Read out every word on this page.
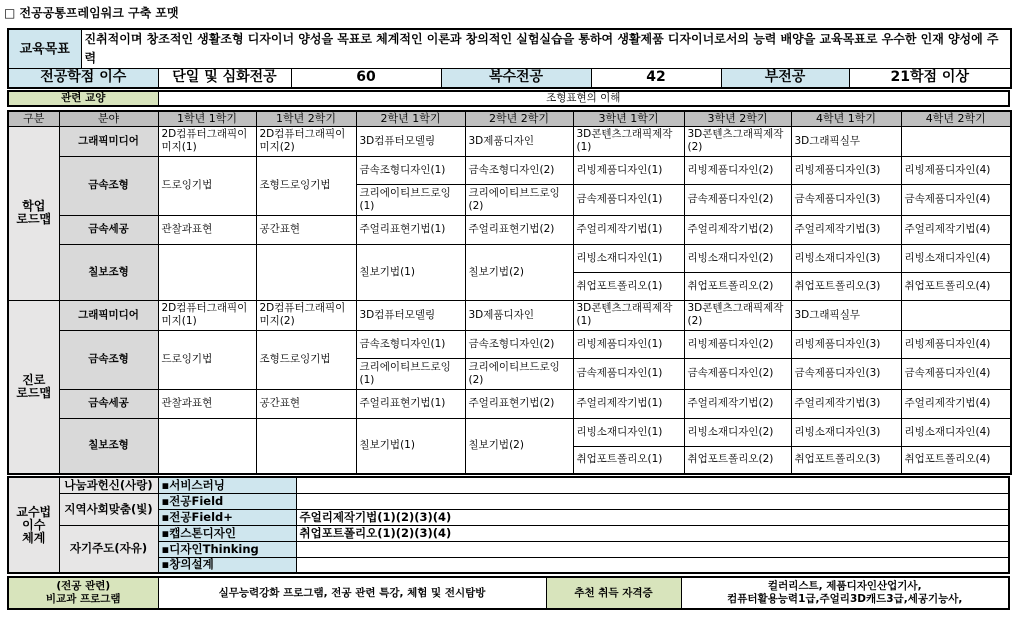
□ 전공공통프레임워크 구축 포맷
교육목표	진취적이며 창조적인 생활조형 디자이너 양성을 목표로 체계적인 이론과 창의적인 실험실습을 통하여 생활제품 디자이너로서의 능력 배양을 교육목표로 우수한 인재 양성에 주력						
전공학점 이수		단일 및 심화전공	60	복수전공	42	부전공	21학점 이상
관련 교양	조형표현의 이해
구분	분야	1학년 1학기	1학년 2학기	2학년 1학기	2학년 2학기	3학년 1학기	3학년 2학기	4학년 1학기	4학년 2학기
학업
로드맵	그래픽미디어	2D컴퓨터그래픽이미지(1)	2D컴퓨터그래픽이미지(2)	3D컴퓨터모델링	3D제품디자인	3D콘텐츠그래픽제작(1)	3D콘텐츠그래픽제작(2)	3D그래픽실무	
	금속조형	드로잉기법	조형드로잉기법	금속조형디자인(1)	금속조형디자인(2)	리빙제품디자인(1)	리빙제품디자인(2)	리빙제품디자인(3)	리빙제품디자인(4)
				크리에이티브드로잉(1)	크리에이티브드로잉(2)	금속제품디자인(1)	금속제품디자인(2)	금속제품디자인(3)	금속제품디자인(4)
	금속세공	관찰과표현	공간표현	주얼리표현기법(1)	주얼리표현기법(2)	주얼리제작기법(1)	주얼리제작기법(2)	주얼리제작기법(3)	주얼리제작기법(4)
	칠보조형			칠보기법(1)	칠보기법(2)	리빙소재디자인(1)	리빙소재디자인(2)	리빙소재디자인(3)	리빙소재디자인(4)
						취업포트폴리오(1)	취업포트폴리오(2)	취업포트폴리오(3)	취업포트폴리오(4)
진로
로드맵	그래픽미디어	2D컴퓨터그래픽이미지(1)	2D컴퓨터그래픽이미지(2)	3D컴퓨터모델링	3D제품디자인	3D콘텐츠그래픽제작(1)	3D콘텐츠그래픽제작(2)	3D그래픽실무	
	금속조형	드로잉기법	조형드로잉기법	금속조형디자인(1)	금속조형디자인(2)	리빙제품디자인(1)	리빙제품디자인(2)	리빙제품디자인(3)	리빙제품디자인(4)
				크리에이티브드로잉(1)	크리에이티브드로잉(2)	금속제품디자인(1)	금속제품디자인(2)	금속제품디자인(3)	금속제품디자인(4)
	금속세공	관찰과표현	공간표현	주얼리표현기법(1)	주얼리표현기법(2)	주얼리제작기법(1)	주얼리제작기법(2)	주얼리제작기법(3)	주얼리제작기법(4)
	칠보조형			칠보기법(1)	칠보기법(2)	리빙소재디자인(1)	리빙소재디자인(2)	리빙소재디자인(3)	리빙소재디자인(4)
						취업포트폴리오(1)	취업포트폴리오(2)	취업포트폴리오(3)	취업포트폴리오(4)
교수법
이수
체계	나눔과헌신(사랑)	▪서비스러닝	
	지역사회맞춤(빛)	▪전공Field	
		▪전공Field+	주얼리제작기법(1)(2)(3)(4)
	자기주도(자유)	▪캡스톤디자인	취업포트폴리오(1)(2)(3)(4)
		▪디자인Thinking	
		▪창의설계	
(전공 관련)
비교과 프로그램	실무능력강화 프로그램, 전공 관련 특강, 체험 및 전시탐방	추천 취득 자격증	컬러리스트, 제품디자인산업기사,
컴퓨터활용능력1급,주얼리3D캐드3급,세공기능사,
